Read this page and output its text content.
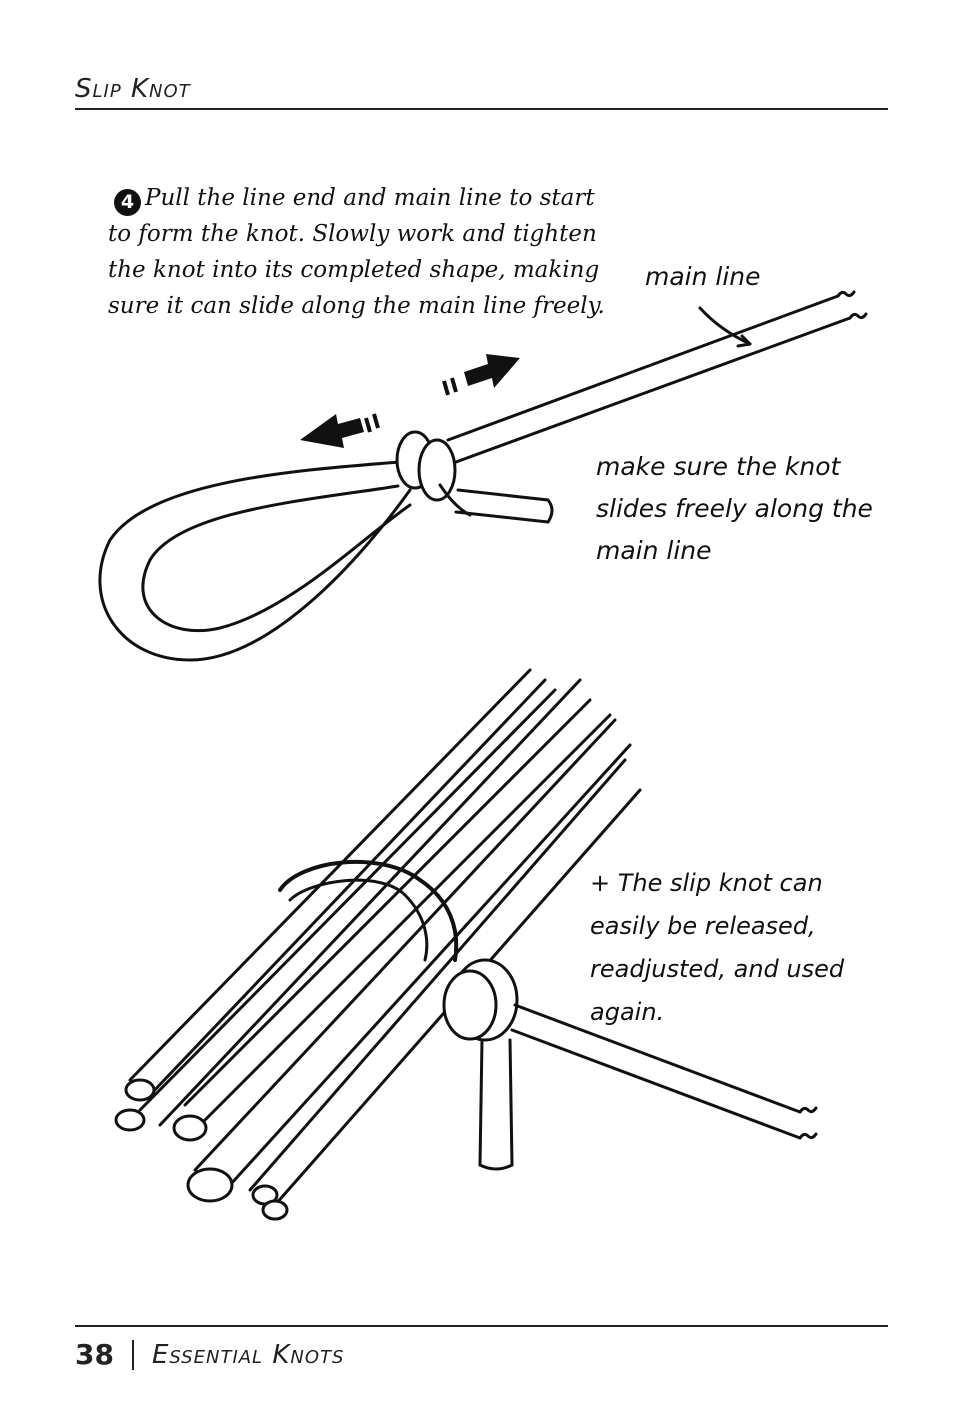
Slip Knot
4 Pull the line end and main line to start to form the knot. Slowly work and tighten the knot into its completed shape, making sure it can slide along the main line freely.
main line
make sure the knot slides freely along the main line
+ The slip knot can easily be released, readjusted, and used again.
38 Essential Knots
